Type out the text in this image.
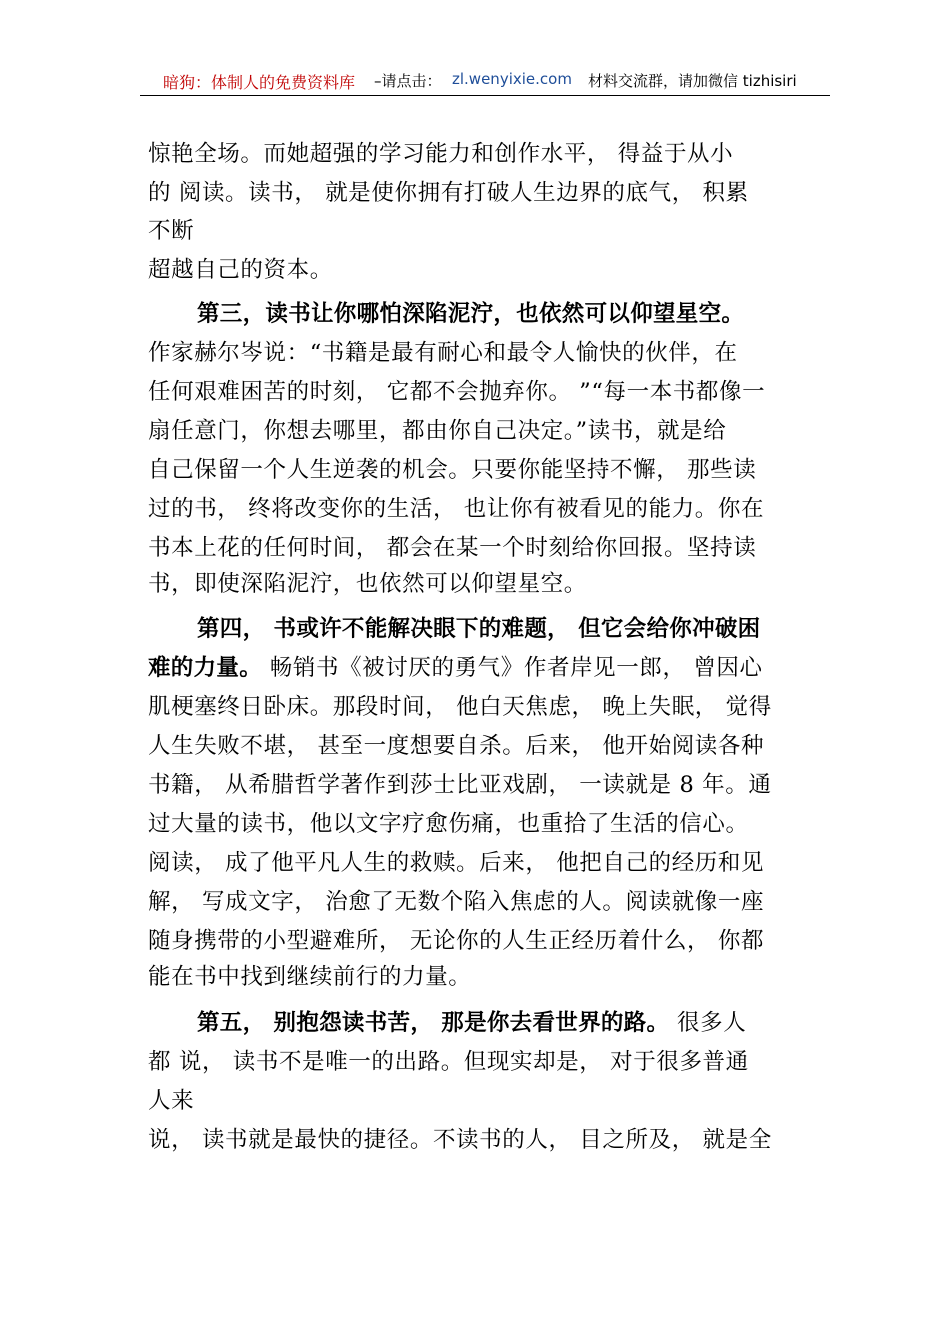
暗狗：体制人的免费资料库 –请点击： zl.wenyixie.com 材料交流群，请加微信 tizhisiri
惊艳全场。而她超强的学习能力和创作水平， 得益于从小
的 阅读。读书， 就是使你拥有打破人生边界的底气， 积累
不断
超越自己的资本。
第三，读书让你哪怕深陷泥泞，也依然可以仰望星空。
作家赫尔岑说：“书籍是最有耐心和最令人愉快的伙伴，在
任何艰难困苦的时刻， 它都不会抛弃你。 ”“每一本书都像一
扇任意门，你想去哪里，都由你自己决定。”读书，就是给
自己保留一个人生逆袭的机会。只要你能坚持不懈， 那些读
过的书， 终将改变你的生活， 也让你有被看见的能力。你在
书本上花的任何时间， 都会在某一个时刻给你回报。坚持读
书，即使深陷泥泞，也依然可以仰望星空。
第四， 书或许不能解决眼下的难题， 但它会给你冲破困
难的力量。 畅销书《被讨厌的勇气》作者岸见一郎， 曾因心
肌梗塞终日卧床。那段时间， 他白天焦虑， 晚上失眠， 觉得
人生失败不堪， 甚至一度想要自杀。后来， 他开始阅读各种
书籍， 从希腊哲学著作到莎士比亚戏剧， 一读就是 8 年。通
过大量的读书，他以文字疗愈伤痛，也重拾了生活的信心。
阅读， 成了他平凡人生的救赎。后来， 他把自己的经历和见
解， 写成文字， 治愈了无数个陷入焦虑的人。阅读就像一座
随身携带的小型避难所， 无论你的人生正经历着什么， 你都
能在书中找到继续前行的力量。
第五， 别抱怨读书苦， 那是你去看世界的路。 很多人
都 说， 读书不是唯一的出路。但现实却是， 对于很多普通
人来
说， 读书就是最快的捷径。不读书的人， 目之所及， 就是全
